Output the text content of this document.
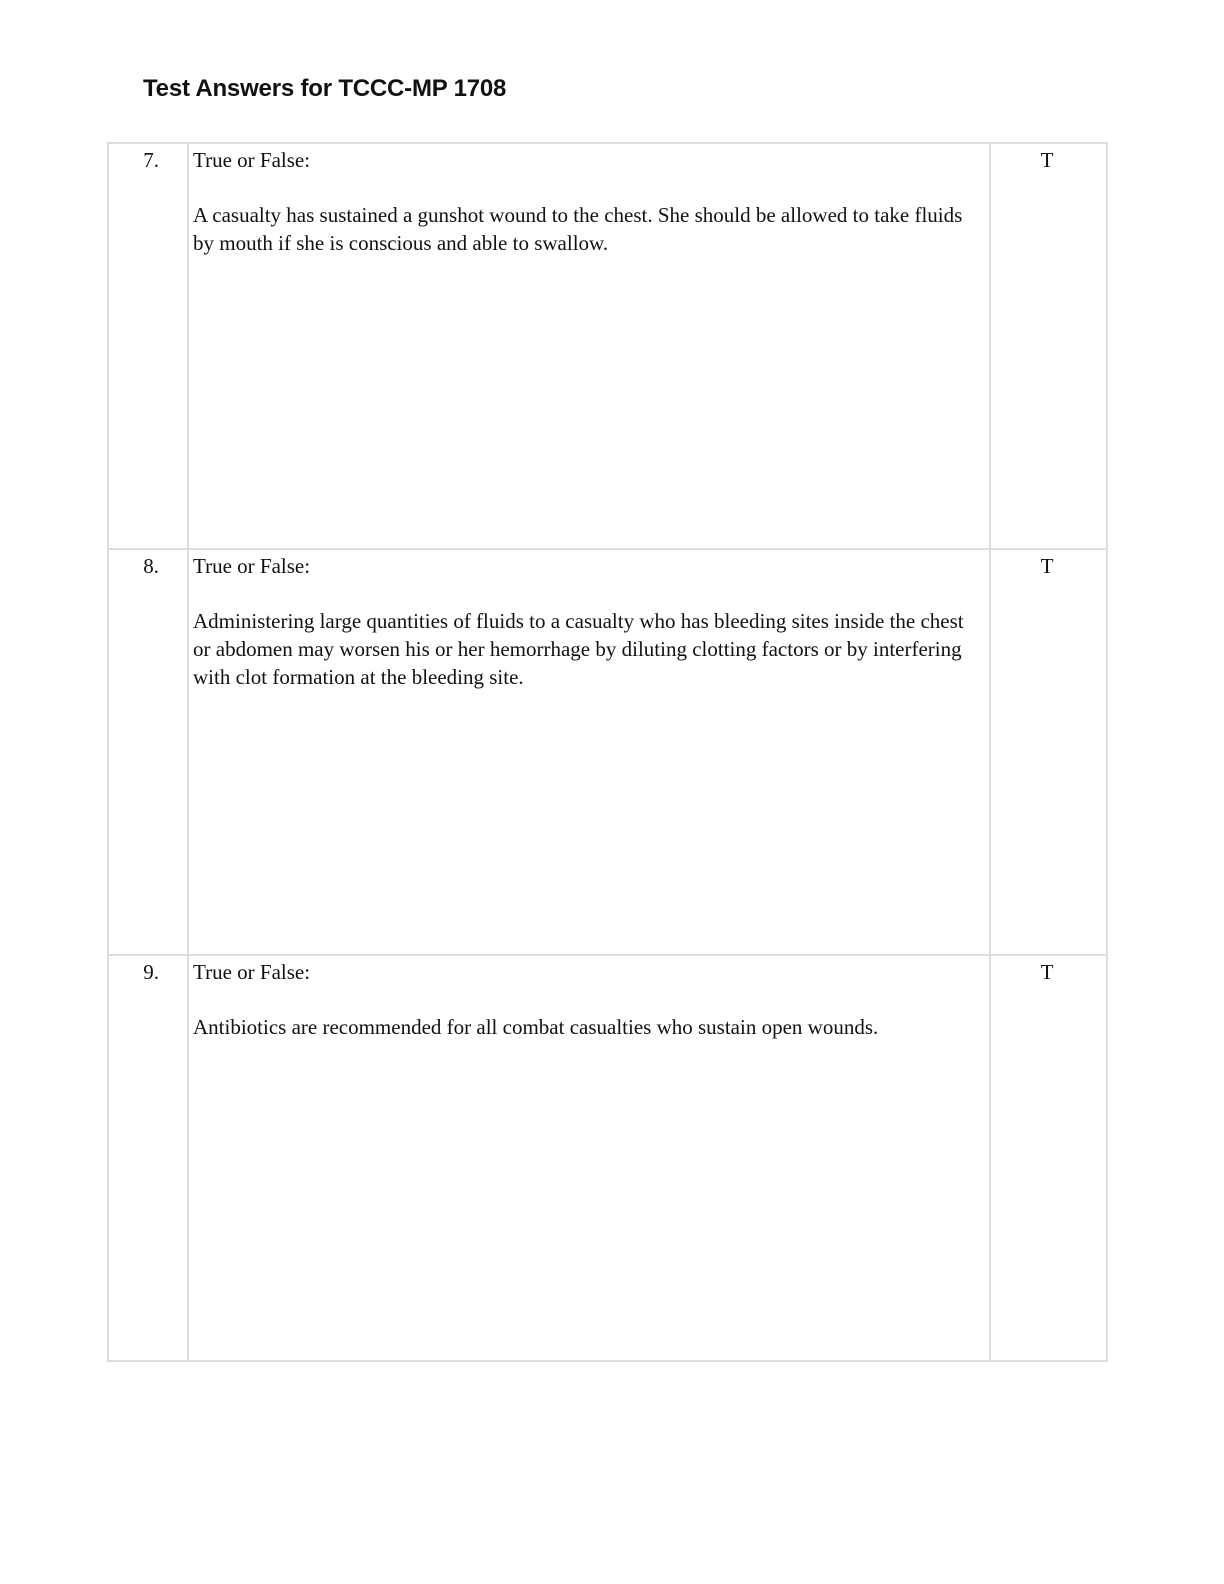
Test Answers for TCCC-MP 1708
7.	True or False:
A casualty has sustained a gunshot wound to the chest. She should be allowed to take fluids by mouth if she is conscious and able to swallow.	T
8.	True or False:
Administering large quantities of fluids to a casualty who has bleeding sites inside the chest or abdomen may worsen his or her hemorrhage by diluting clotting factors or by interfering with clot formation at the bleeding site.	T
9.	True or False:
Antibiotics are recommended for all combat casualties who sustain open wounds.	T
